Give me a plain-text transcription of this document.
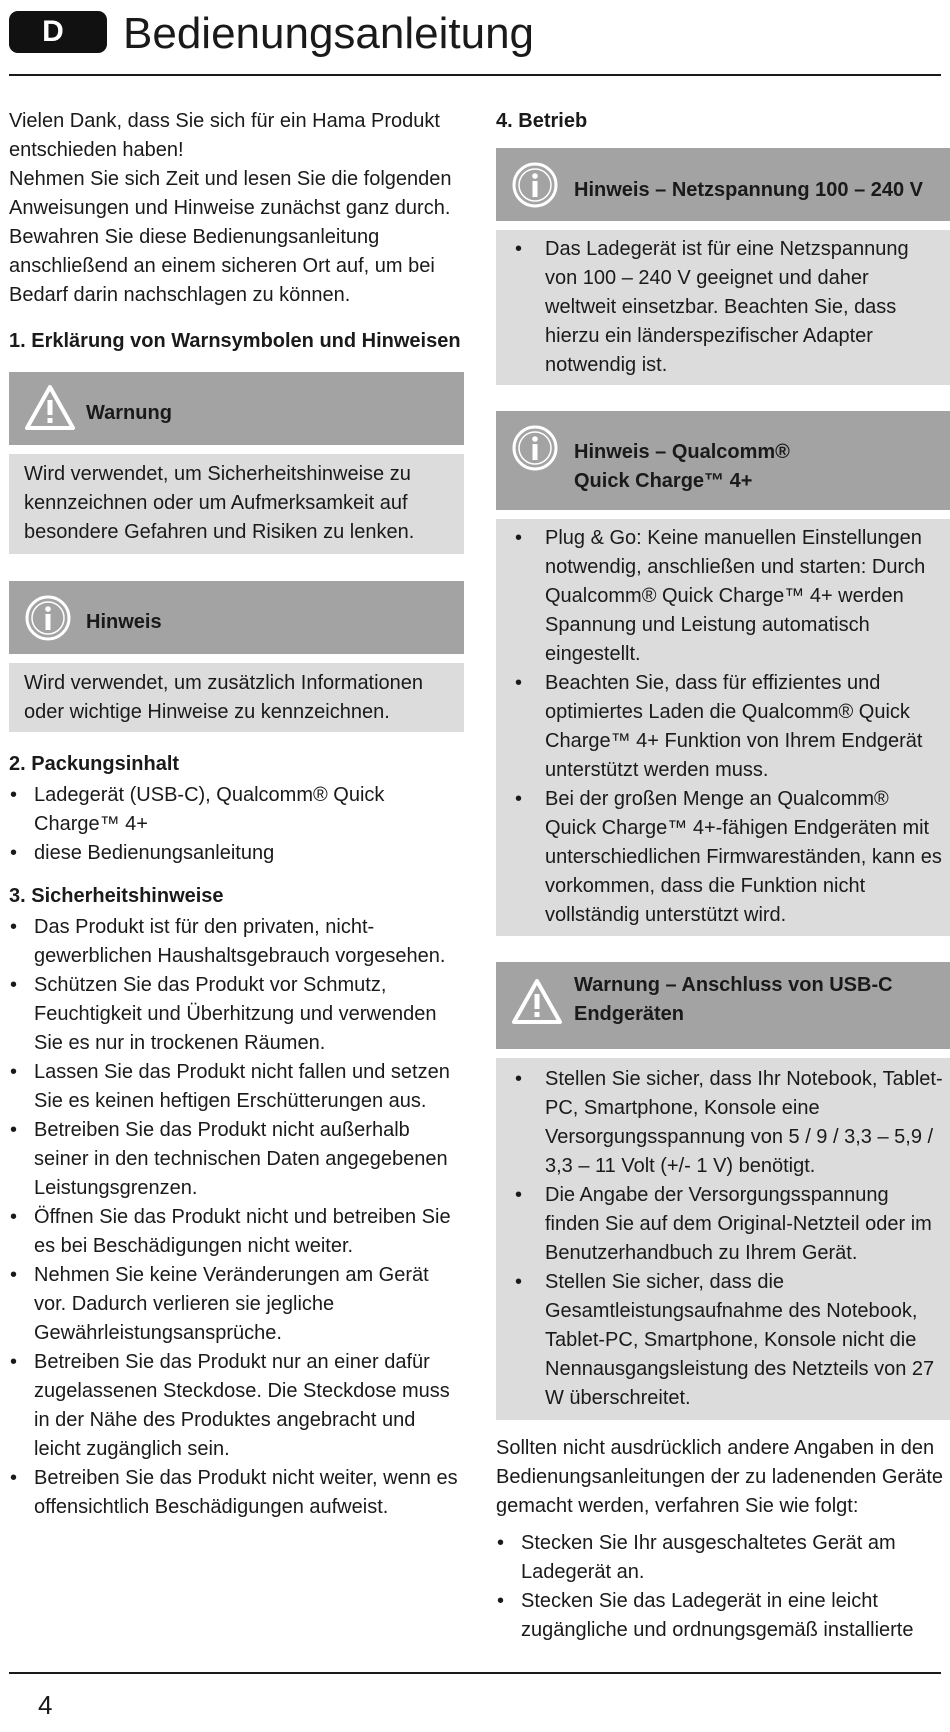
D	Bedienungsanleitung

Vielen Dank, dass Sie sich für ein Hama Produkt entschieden haben!

Nehmen Sie sich Zeit und lesen Sie die folgenden Anweisungen und Hinweise zunächst ganz durch. Bewahren Sie diese Bedienungsanleitung anschließend an einem sicheren Ort auf, um bei Bedarf darin nachschlagen zu können.

1. Erklärung von Warnsymbolen und Hinweisen

Warnung
Wird verwendet, um Sicherheitshinweise zu kennzeichnen oder um Aufmerksamkeit auf besondere Gefahren und Risiken zu lenken.
Hinweis
Wird verwendet, um zusätzlich Informationen oder wichtige Hinweise zu kennzeichnen.

2. Packungsinhalt

• Ladegerät (USB-C), Qualcomm® Quick Charge™ 4+
• diese Bedienungsanleitung

3. Sicherheitshinweise

• Das Produkt ist für den privaten, nicht-gewerblichen Haushaltsgebrauch vorgesehen.
• Schützen Sie das Produkt vor Schmutz, Feuchtigkeit und Überhitzung und verwenden Sie es nur in trockenen Räumen.
• Lassen Sie das Produkt nicht fallen und setzen Sie es keinen heftigen Erschütterungen aus.
• Betreiben Sie das Produkt nicht außerhalb seiner in den technischen Daten angegebenen Leistungsgrenzen.
• Öffnen Sie das Produkt nicht und betreiben Sie es bei Beschädigungen nicht weiter.
• Nehmen Sie keine Veränderungen am Gerät vor. Dadurch verlieren sie jegliche Gewährleistungsansprüche.
• Betreiben Sie das Produkt nur an einer dafür zugelassenen Steckdose. Die Steckdose muss in der Nähe des Produktes angebracht und leicht zugänglich sein.
• Betreiben Sie das Produkt nicht weiter, wenn es offensichtlich Beschädigungen aufweist.

4. Betrieb

Hinweis – Netzspannung 100 – 240 V
• Das Ladegerät ist für eine Netzspannung von 100 – 240 V geeignet und daher weltweit einsetzbar. Beachten Sie, dass hierzu ein länderspezifischer Adapter notwendig ist.
Hinweis – Qualcomm®
Quick Charge™ 4+
• Plug & Go: Keine manuellen Einstellungen notwendig, anschließen und starten: Durch Qualcomm® Quick Charge™ 4+ werden Spannung und Leistung automatisch eingestellt.
• Beachten Sie, dass für effizientes und optimiertes Laden die Qualcomm® Quick Charge™ 4+ Funktion von Ihrem Endgerät unterstützt werden muss.
• Bei der großen Menge an Qualcomm® Quick Charge™ 4+-fähigen Endgeräten mit unterschiedlichen Firmwareständen, kann es vorkommen, dass die Funktion nicht vollständig unterstützt wird.
Warnung – Anschluss von USB-C
Endgeräten
• Stellen Sie sicher, dass Ihr Notebook, Tablet-PC, Smartphone, Konsole eine Versorgungsspannung von 5 / 9 / 3,3 – 5,9 / 3,3 – 11 Volt (+/- 1 V) benötigt.
• Die Angabe der Versorgungsspannung finden Sie auf dem Original-Netzteil oder im Benutzerhandbuch zu Ihrem Gerät.
• Stellen Sie sicher, dass die Gesamtleistungsaufnahme des Notebook, Tablet-PC, Smartphone, Konsole nicht die Nennausgangsleistung des Netzteils von 27 W überschreitet.

Sollten nicht ausdrücklich andere Angaben in den Bedienungsanleitungen der zu ladenenden Geräte gemacht werden, verfahren Sie wie folgt:

• Stecken Sie Ihr ausgeschaltetes Gerät am Ladegerät an.
• Stecken Sie das Ladegerät in eine leicht zugängliche und ordnungsgemäß installierte
4
